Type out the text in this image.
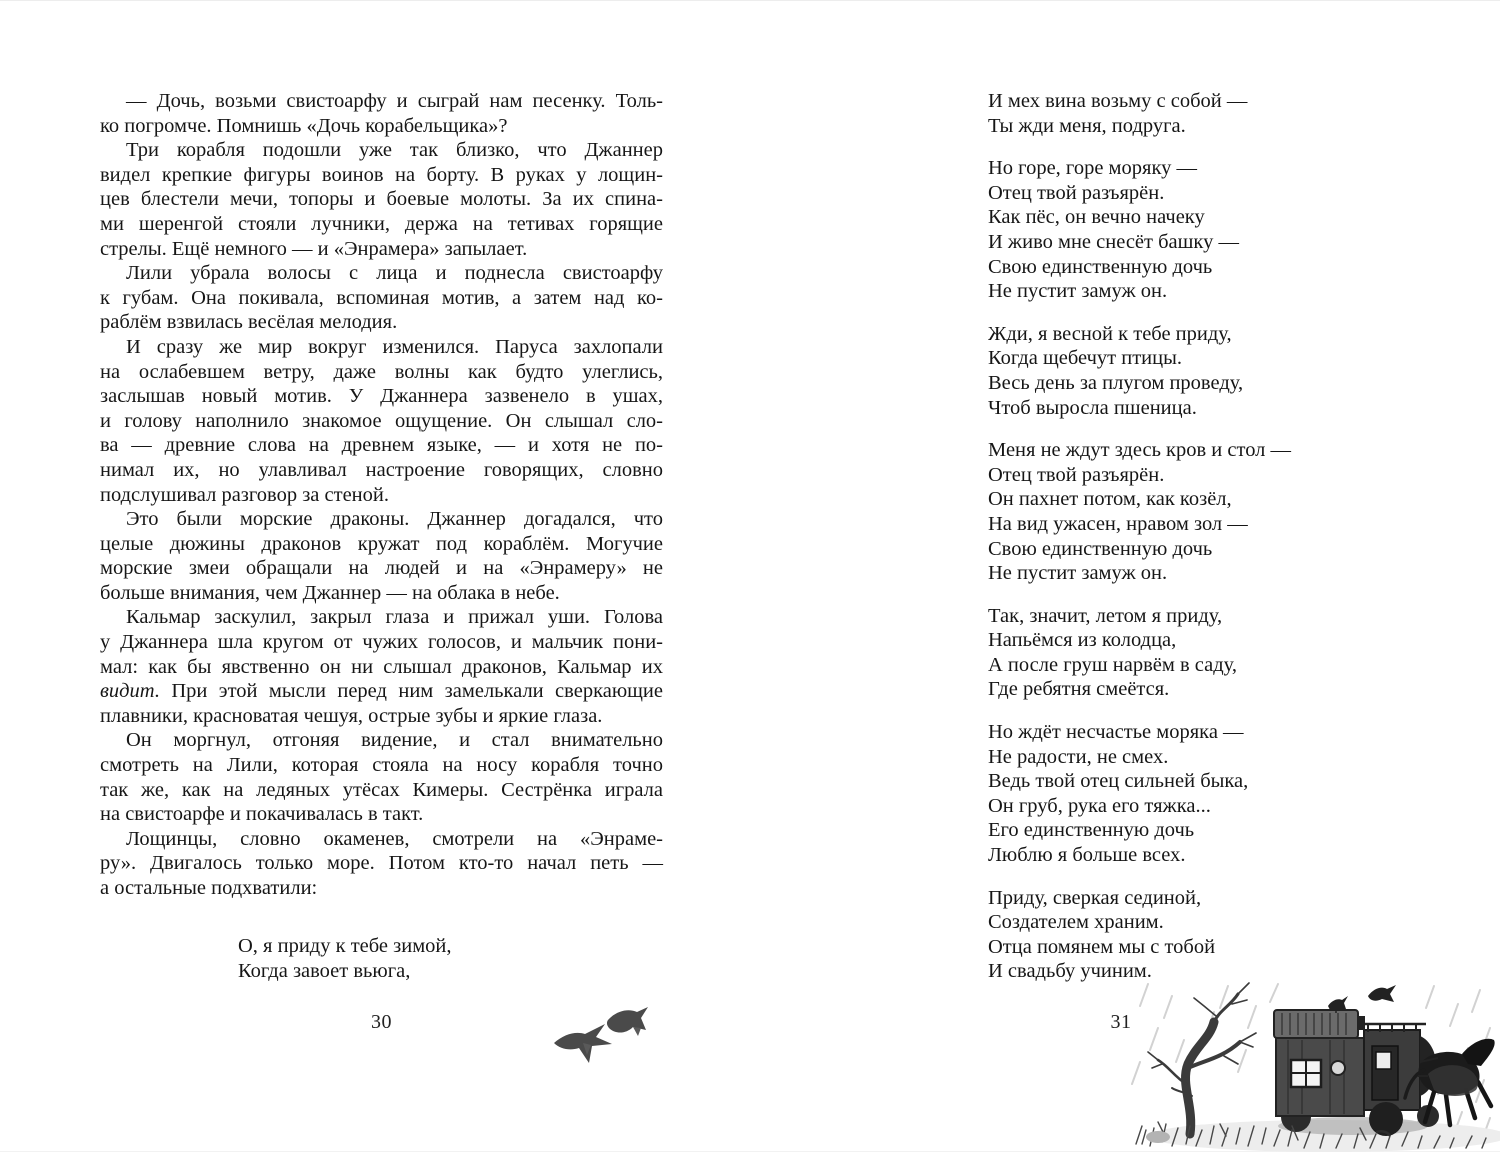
— Дочь, возьми свистоарфу и сыграй нам песенку. Толь-
ко погромче. Помнишь «Дочь корабельщика»?
Три корабля подошли уже так близко, что Джаннер
видел крепкие фигуры воинов на борту. В руках у лощин-
цев блестели мечи, топоры и боевые молоты. За их спина-
ми шеренгой стояли лучники, держа на тетивах горящие
стрелы. Ещё немного — и «Энрамера» запылает.
Лили убрала волосы с лица и поднесла свистоарфу
к губам. Она покивала, вспоминая мотив, а затем над ко-
раблём взвилась весёлая мелодия.
И сразу же мир вокруг изменился. Паруса захлопали
на ослабевшем ветру, даже волны как будто улеглись,
заслышав новый мотив. У Джаннера зазвенело в ушах,
и голову наполнило знакомое ощущение. Он слышал сло-
ва — древние слова на древнем языке, — и хотя не по-
нимал их, но улавливал настроение говорящих, словно
подслушивал разговор за стеной.
Это были морские драконы. Джаннер догадался, что
целые дюжины драконов кружат под кораблём. Могучие
морские змеи обращали на людей и на «Энрамеру» не
больше внимания, чем Джаннер — на облака в небе.
Кальмар заскулил, закрыл глаза и прижал уши. Голова
у Джаннера шла кругом от чужих голосов, и мальчик пони-
мал: как бы явственно он ни слышал драконов, Кальмар их
видит. При этой мысли перед ним замелькали сверкающие
плавники, красноватая чешуя, острые зубы и яркие глаза.
Он моргнул, отгоняя видение, и стал внимательно
смотреть на Лили, которая стояла на носу корабля точно
так же, как на ледяных утёсах Кимеры. Сестрёнка играла
на свистоарфе и покачивалась в такт.
Лощинцы, словно окаменев, смотрели на «Энраме-
ру». Двигалось только море. Потом кто-то начал петь —
а остальные подхватили:
О, я приду к тебе зимой,
Когда завоет вьюга,
30
И мех вина возьму с собой —
Ты жди меня, подруга.
Но горе, горе моряку —
Отец твой разъярён.
Как пёс, он вечно начеку
И живо мне снесёт башку —
Свою единственную дочь
Не пустит замуж он.
Жди, я весной к тебе приду,
Когда щебечут птицы.
Весь день за плугом проведу,
Чтоб выросла пшеница.
Меня не ждут здесь кров и стол —
Отец твой разъярён.
Он пахнет потом, как козёл,
На вид ужасен, нравом зол —
Свою единственную дочь
Не пустит замуж он.
Так, значит, летом я приду,
Напьёмся из колодца,
А после груш нарвём в саду,
Где ребятня смеётся.
Но ждёт несчастье моряка —
Не радости, не смех.
Ведь твой отец сильней быка,
Он груб, рука его тяжка...
Его единственную дочь
Люблю я больше всех.
Приду, сверкая сединой,
Создателем храним.
Отца помянем мы с тобой
И свадьбу учиним.
31
